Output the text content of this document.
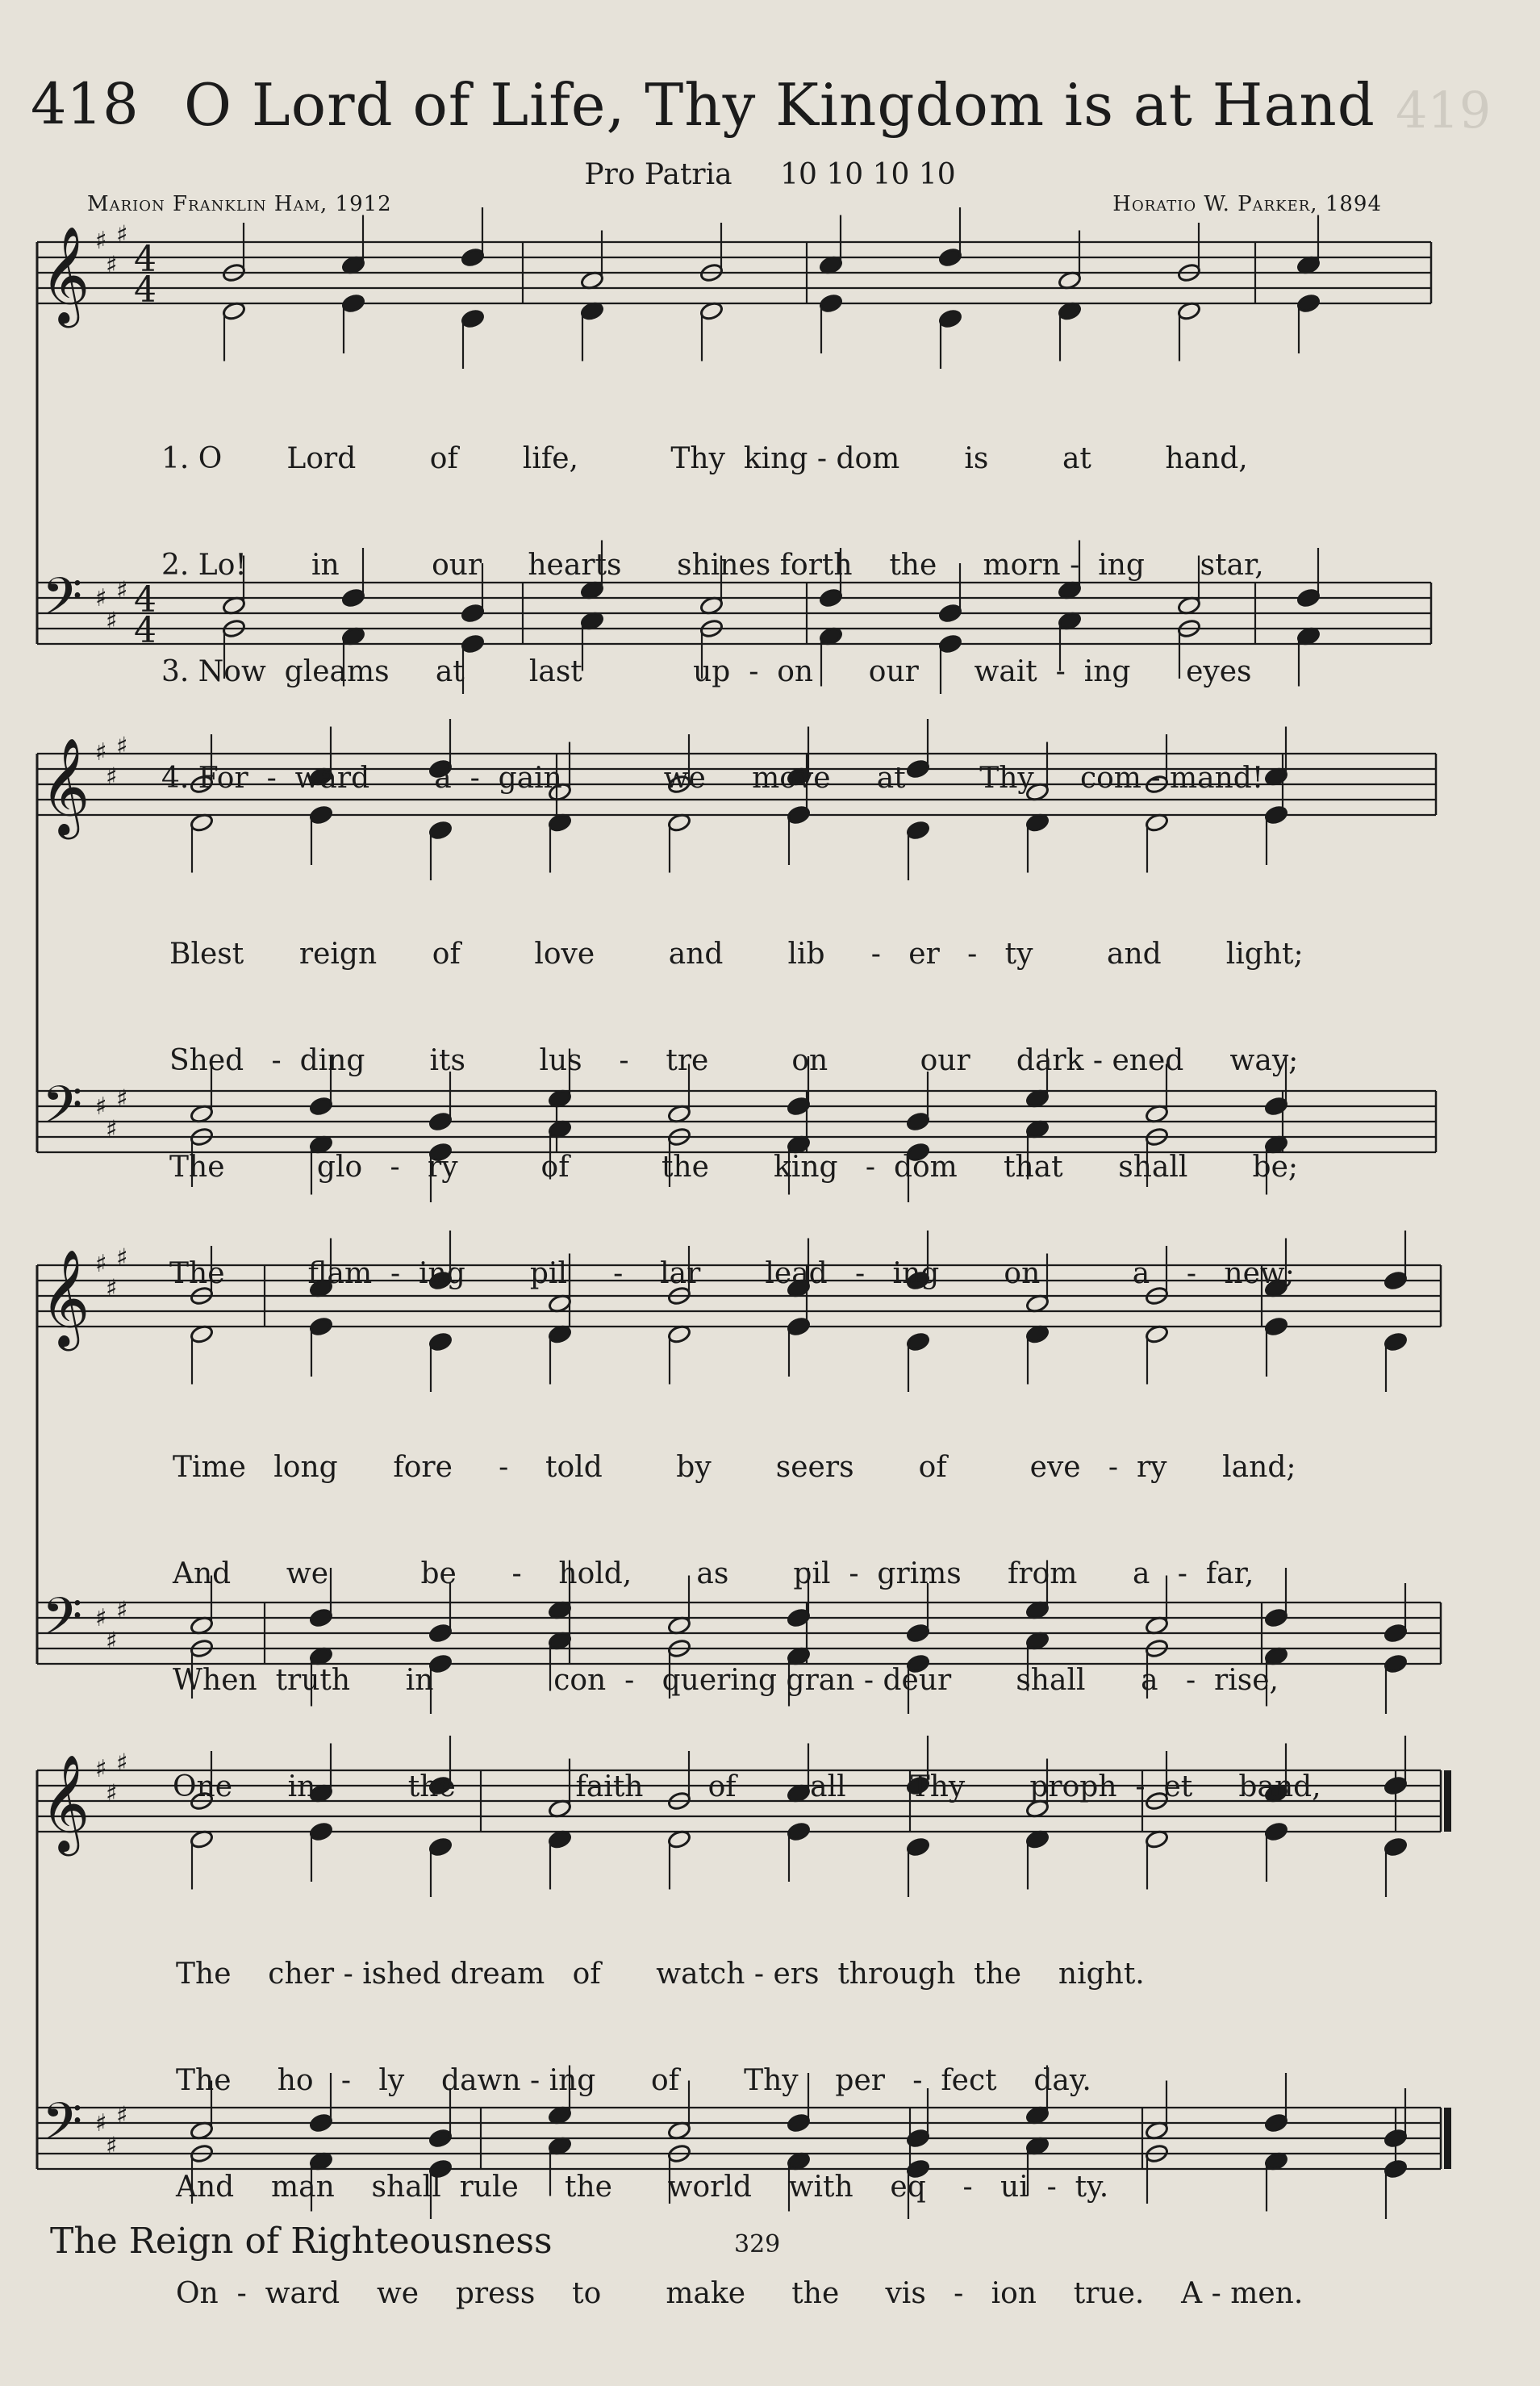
418 O Lord of Life, Thy Kingdom is at Hand 419
Pro Patria 10 10 10 10
Marion Franklin Ham, 1912	Horatio W. Parker, 1894
𝄞 ♯
♯
♯
4
4
𝄢 ♯
♯
♯ 4
4
𝄞 ♯
♯
♯
𝄢 ♯
♯
♯
𝄞 ♯
♯
♯
𝄢 ♯
♯
♯
𝄞 ♯
♯
♯
𝄢 ♯
♯
♯

1. O       Lord        of       life,          Thy  king - dom       is        at        hand,

2. Lo!       in          our     hearts      shines forth    the     morn -  ing      star,

3. Now  gleams     at       last            up  -  on      our      wait  -  ing      eyes

4. For  -  ward       a  -  gain           we     move     at        Thy     com - mand!

Blest      reign      of        love        and       lib     -   er   -   ty        and       light;

Shed   -  ding       its        lus    -    tre         on          our     dark - ened     way;

The          glo   -   ry         of          the       king   -  dom     that      shall       be;

The         flam  -  ing       pil     -    lar       lead   -   ing       on          a    -   new;

Time   long      fore     -    told        by       seers       of         eve   -  ry      land;

And      we          be      -    hold,       as       pil  -  grims     from      a   -  far,

When  truth      in             con  -   quering gran - deur       shall      a   -  rise,

One      in          the             faith       of        all       Thy       proph  -  et     band,

The    cher - ished dream   of      watch - ers  through  the    night.

The     ho   -   ly    dawn - ing      of       Thy    per   -  fect    day.

And    man    shall  rule     the      world    with    eq    -   ui  -  ty.

On  -  ward    we    press    to       make     the     vis   -   ion    true.    A - men.

The Reign of Righteousness	329
